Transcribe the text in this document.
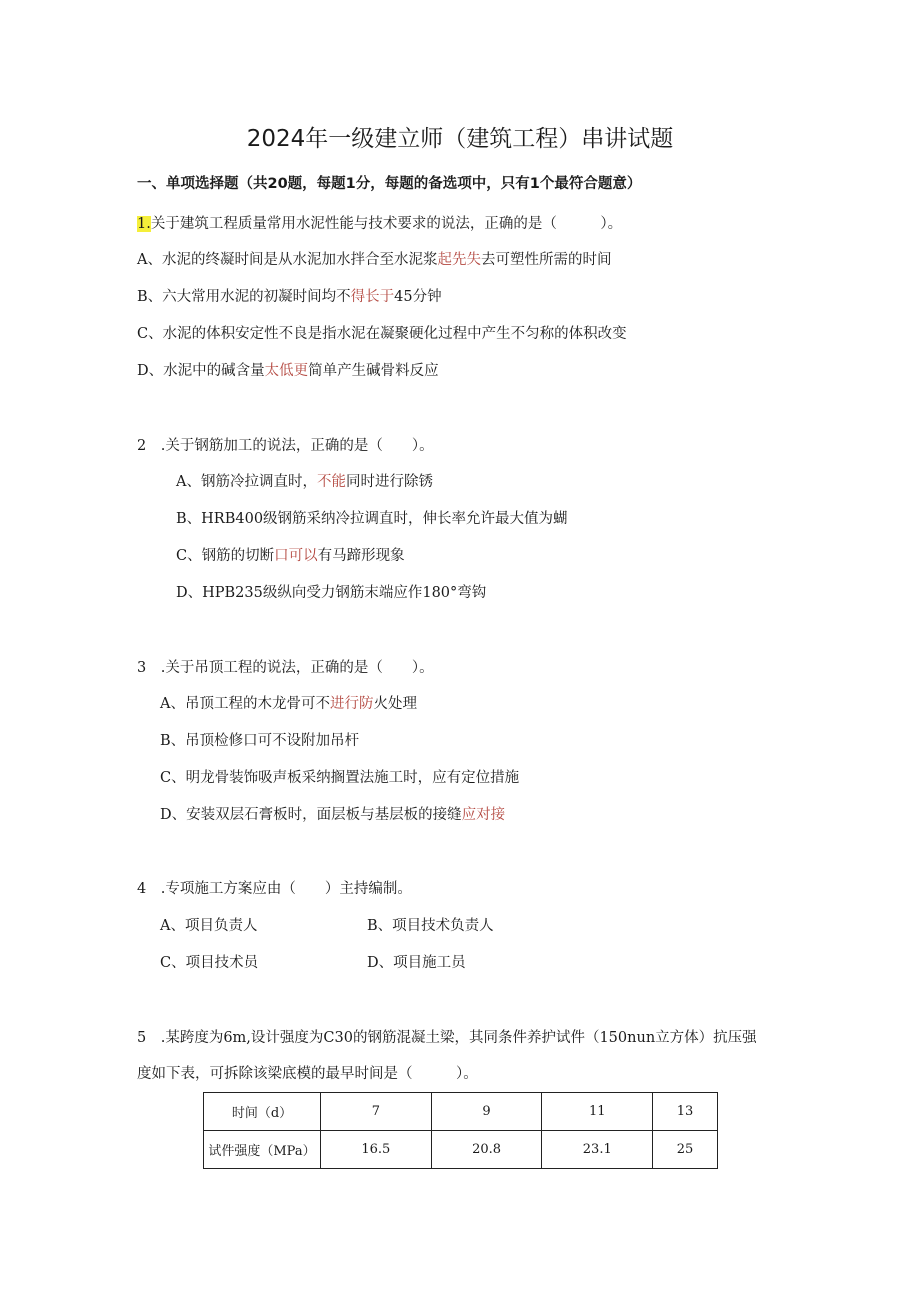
2024年一级建立师（建筑工程）串讲试题
一、单项选择题（共20题，每题1分，每题的备选项中，只有1个最符合题意）
1.关于建筑工程质量常用水泥性能与技术要求的说法，正确的是（　　　）。
A、水泥的终凝时间是从水泥加水拌合至水泥浆起先失去可塑性所需的时间
B、六大常用水泥的初凝时间均不得长于45分钟
C、水泥的体积安定性不良是指水泥在凝聚硬化过程中产生不匀称的体积改变
D、水泥中的碱含量太低更简单产生碱骨料反应
2　.关于钢筋加工的说法，正确的是（　　）。
A、钢筋冷拉调直时，不能同时进行除锈
B、HRB400级钢筋采纳冷拉调直时，伸长率允许最大值为蝴
C、钢筋的切断口可以有马蹄形现象
D、HPB235级纵向受力钢筋末端应作180°弯钩
3　.关于吊顶工程的说法，正确的是（　　）。
A、吊顶工程的木龙骨可不进行防火处理
B、吊顶检修口可不设附加吊杆
C、明龙骨装饰吸声板采纳搁置法施工时，应有定位措施
D、安装双层石膏板时，面层板与基层板的接缝应对接
4　.专项施工方案应由（　　）主持编制。
A、项目负责人	B、项目技术负责人
C、项目技术员	D、项目施工员
5　.某跨度为6m,设计强度为C30的钢筋混凝土梁，其同条件养护试件（150nun立方体）抗压强
度如下表，可拆除该梁底模的最早时间是（　　　）。
时间（d）	7	9	11	13
试件强度（MPa）	16.5	20.8	23.1	25
